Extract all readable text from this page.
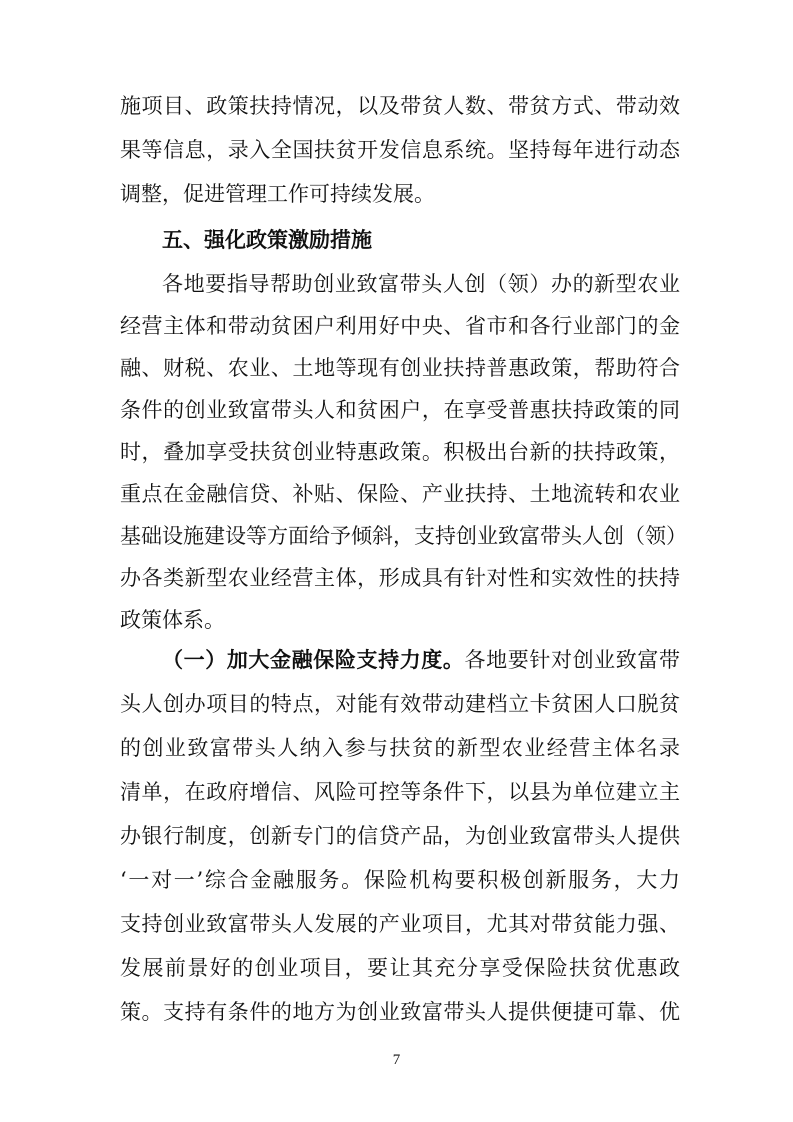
施项目、政策扶持情况，以及带贫人数、带贫方式、带动效
果等信息，录入全国扶贫开发信息系统。坚持每年进行动态
调整，促进管理工作可持续发展。
五、强化政策激励措施
各地要指导帮助创业致富带头人创（领）办的新型农业
经营主体和带动贫困户利用好中央、省市和各行业部门的金
融、财税、农业、土地等现有创业扶持普惠政策，帮助符合
条件的创业致富带头人和贫困户，在享受普惠扶持政策的同
时，叠加享受扶贫创业特惠政策。积极出台新的扶持政策，
重点在金融信贷、补贴、保险、产业扶持、土地流转和农业
基础设施建设等方面给予倾斜，支持创业致富带头人创（领）
办各类新型农业经营主体，形成具有针对性和实效性的扶持
政策体系。
（一）加大金融保险支持力度。各地要针对创业致富带
头人创办项目的特点，对能有效带动建档立卡贫困人口脱贫
的创业致富带头人纳入参与扶贫的新型农业经营主体名录
清单，在政府增信、风险可控等条件下，以县为单位建立主
办银行制度，创新专门的信贷产品，为创业致富带头人提供
‘一对一’综合金融服务。保险机构要积极创新服务，大力
支持创业致富带头人发展的产业项目，尤其对带贫能力强、
发展前景好的创业项目，要让其充分享受保险扶贫优惠政
7
策。支持有条件的地方为创业致富带头人提供便捷可靠、优
